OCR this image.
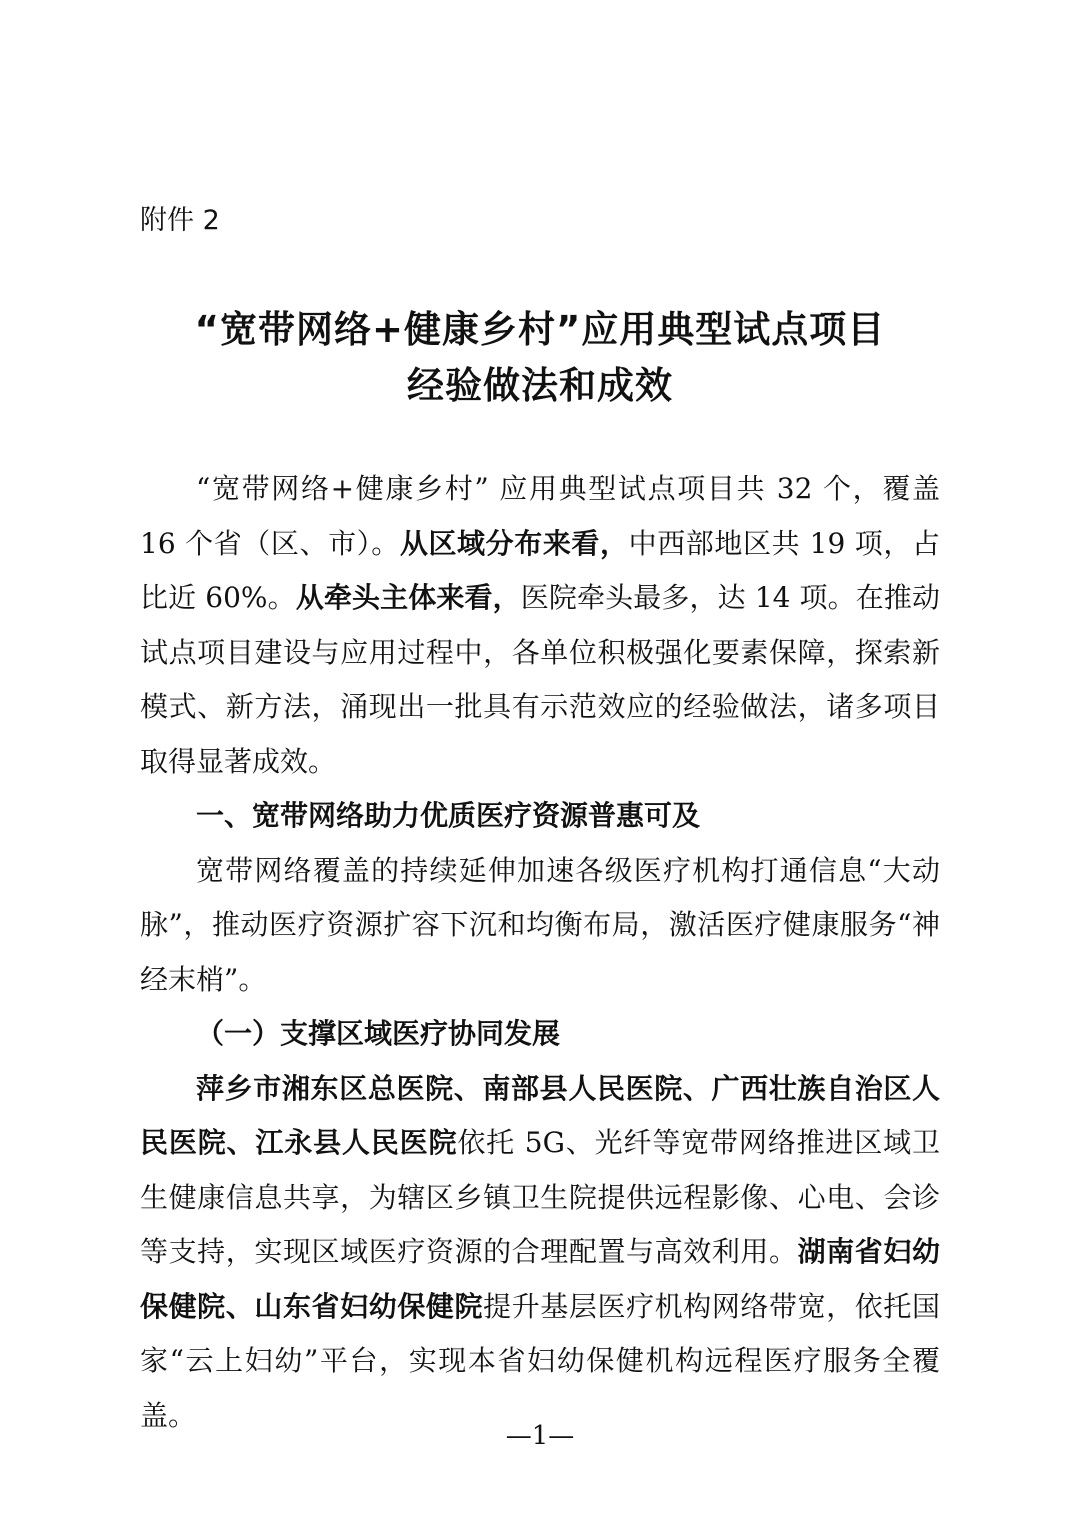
附件 2
“宽带网络+健康乡村”应用典型试点项目
经验做法和成效
“宽带网络+健康乡村” 应用典型试点项目共 32 个，覆盖
16 个省（区、市）。从区域分布来看，中西部地区共 19 项，占
比近 60%。从牵头主体来看，医院牵头最多，达 14 项。在推动
试点项目建设与应用过程中，各单位积极强化要素保障，探索新
模式、新方法，涌现出一批具有示范效应的经验做法，诸多项目
取得显著成效。
一、宽带网络助力优质医疗资源普惠可及
宽带网络覆盖的持续延伸加速各级医疗机构打通信息“大动
脉”，推动医疗资源扩容下沉和均衡布局，激活医疗健康服务“神
经末梢”。
（一）支撑区域医疗协同发展
萍乡市湘东区总医院、南部县人民医院、广西壮族自治区人
民医院、江永县人民医院依托 5G、光纤等宽带网络推进区域卫
生健康信息共享，为辖区乡镇卫生院提供远程影像、心电、会诊
等支持，实现区域医疗资源的合理配置与高效利用。湖南省妇幼
保健院、山东省妇幼保健院提升基层医疗机构网络带宽，依托国
家“云上妇幼”平台，实现本省妇幼保健机构远程医疗服务全覆
盖。
—1—
